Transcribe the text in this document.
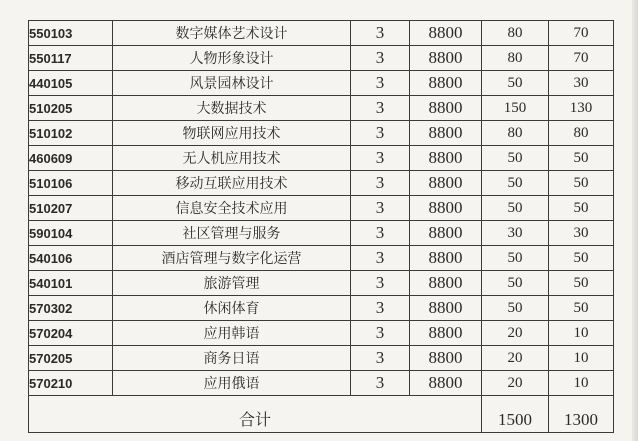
550103	数字媒体艺术设计	3	8800	80	70
550117	人物形象设计	3	8800	80	70
440105	风景园林设计	3	8800	50	30
510205	大数据技术	3	8800	150	130
510102	物联网应用技术	3	8800	80	80
460609	无人机应用技术	3	8800	50	50
510106	移动互联应用技术	3	8800	50	50
510207	信息安全技术应用	3	8800	50	50
590104	社区管理与服务	3	8800	30	30
540106	酒店管理与数字化运营	3	8800	50	50
540101	旅游管理	3	8800	50	50
570302	休闲体育	3	8800	50	50
570204	应用韩语	3	8800	20	10
570205	商务日语	3	8800	20	10
570210	应用俄语	3	8800	20	10
合计				1500	1300
